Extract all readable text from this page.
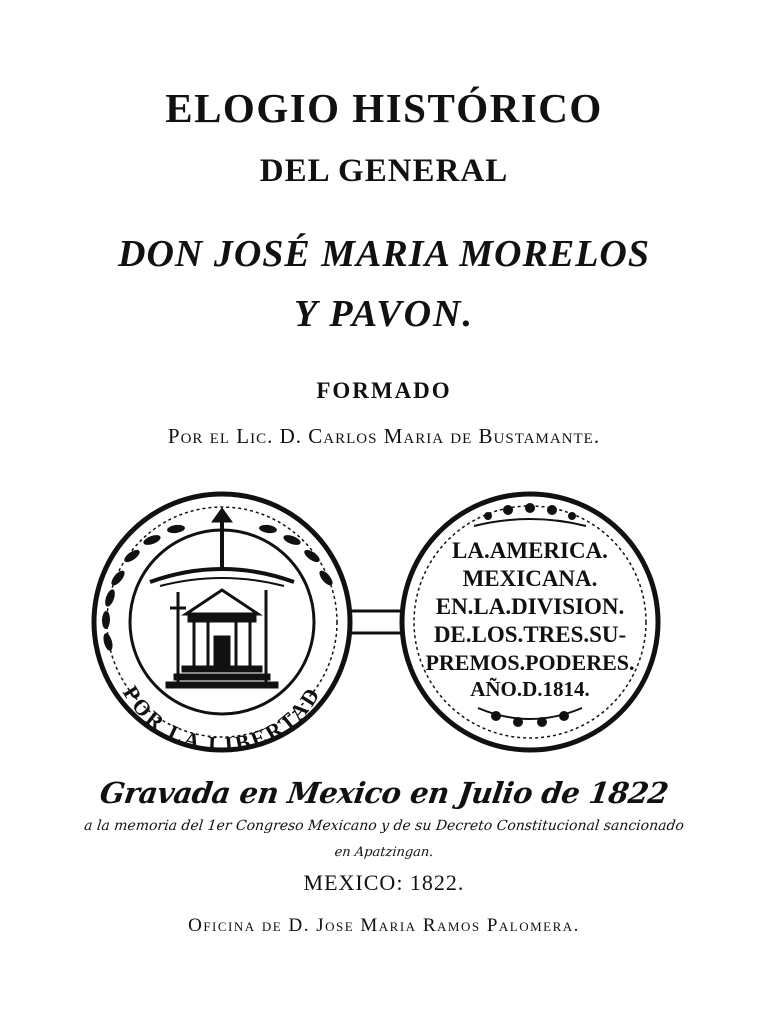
ELOGIO HISTÓRICO
DEL GENERAL
DON JOSÉ MARIA MORELOS
Y PAVON.
FORMADO
Por el Lic. D. Carlos Maria de Bustamante.
POR LA LIBERTAD
LA.AMERICA.
MEXICANA.
EN.LA.DIVISION.
DE.LOS.TRES.SU-
PREMOS.PODERES.
AÑO.D.1814.
Gravada en Mexico en Julio de 1822
a la memoria del 1er Congreso Mexicano y de su Decreto Constitucional sancionado
en Apatzingan.
MEXICO: 1822.
Oficina de D. Jose Maria Ramos Palomera.
